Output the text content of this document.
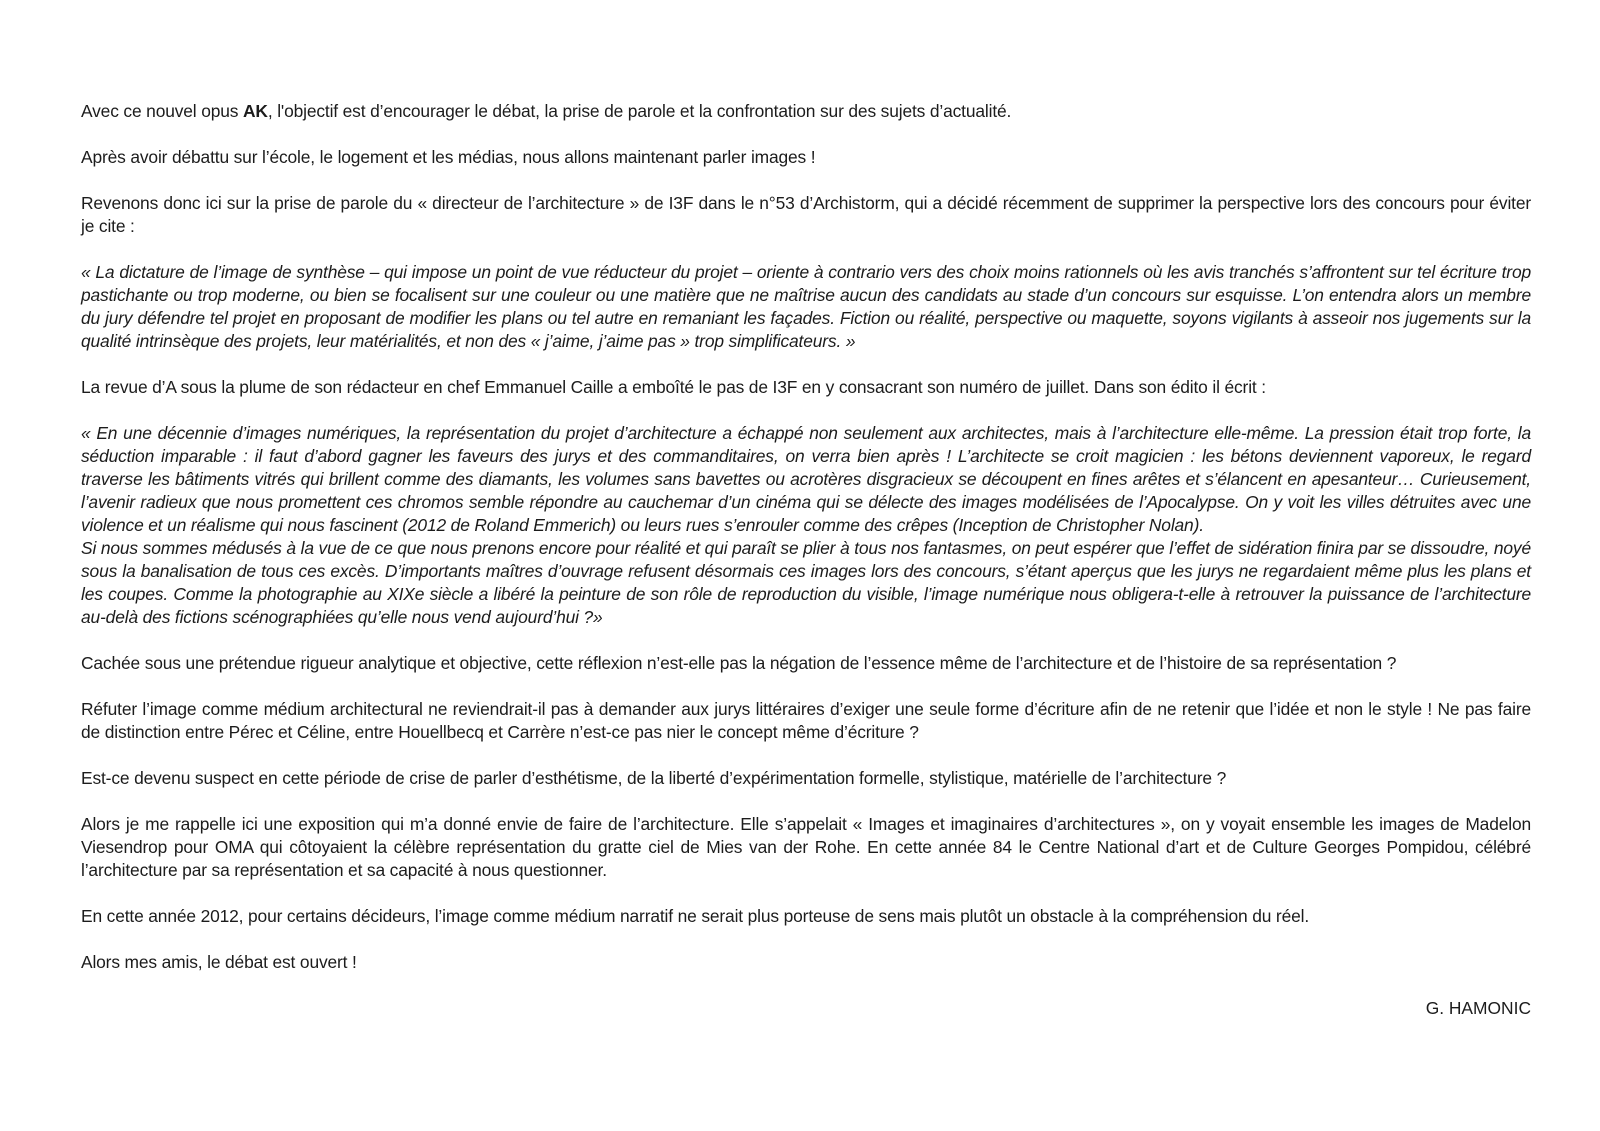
Avec ce nouvel opus AK, l'objectif est d’encourager le débat, la prise de parole et la confrontation sur des sujets d’actualité.

Après avoir débattu sur l’école, le logement et les médias, nous allons maintenant parler images !

Revenons donc ici sur la prise de parole du « directeur de l’architecture » de I3F dans le n°53 d’Archistorm, qui a décidé récemment de supprimer la perspective lors des concours pour éviter je cite :

« La dictature de l’image de synthèse – qui impose un point de vue réducteur du projet – oriente à contrario vers des choix moins rationnels où les avis tranchés s’affrontent sur tel écriture trop pastichante ou trop moderne, ou bien se focalisent sur une couleur ou une matière que ne maîtrise aucun des candidats au stade d’un concours sur esquisse. L’on entendra alors un membre du jury défendre tel projet en proposant de modifier les plans ou tel autre en remaniant les façades. Fiction ou réalité, perspective ou maquette, soyons vigilants à asseoir nos jugements sur la qualité intrinsèque des projets, leur matérialités, et non des « j’aime, j’aime pas » trop simplificateurs. »

La revue d’A sous la plume de son rédacteur en chef Emmanuel Caille a emboîté le pas de I3F en y consacrant son numéro de juillet. Dans son édito il écrit :

« En une décennie d’images numériques, la représentation du projet d’architecture a échappé non seulement aux architectes, mais à l’architecture elle-même. La pression était trop forte, la séduction imparable : il faut d’abord gagner les faveurs des jurys et des commanditaires, on verra bien après ! L’architecte se croit magicien : les bétons deviennent vaporeux, le regard traverse les bâtiments vitrés qui brillent comme des diamants, les volumes sans bavettes ou acrotères disgracieux se découpent en fines arêtes et s’élancent en apesanteur… Curieusement, l’avenir radieux que nous promettent ces chromos semble répondre au cauchemar d’un cinéma qui se délecte des images modélisées de l’Apocalypse. On y voit les villes détruites avec une violence et un réalisme qui nous fascinent (2012 de Roland Emmerich) ou leurs rues s’enrouler comme des crêpes (Inception de Christopher Nolan).

Si nous sommes médusés à la vue de ce que nous prenons encore pour réalité et qui paraît se plier à tous nos fantasmes, on peut espérer que l’effet de sidération finira par se dissoudre, noyé sous la banalisation de tous ces excès. D’importants maîtres d’ouvrage refusent désormais ces images lors des concours, s’étant aperçus que les jurys ne regardaient même plus les plans et les coupes. Comme la photographie au XIXe siècle a libéré la peinture de son rôle de reproduction du visible, l’image numérique nous obligera-t-elle à retrouver la puissance de l’architecture au-delà des fictions scénographiées qu’elle nous vend aujourd’hui ?»

Cachée sous une prétendue rigueur analytique et objective, cette réflexion n’est-elle pas la négation de l’essence même de l’architecture et de l’histoire de sa représentation ?

Réfuter l’image comme médium architectural ne reviendrait-il pas à demander aux jurys littéraires d’exiger une seule forme d’écriture afin de ne retenir que l’idée et non le style ! Ne pas faire de distinction entre Pérec et Céline, entre Houellbecq et Carrère n’est-ce pas nier le concept même d’écriture ?

Est-ce devenu suspect en cette période de crise de parler d’esthétisme, de la liberté d’expérimentation formelle, stylistique, matérielle de l’architecture ?

Alors je me rappelle ici une exposition qui m’a donné envie de faire de l’architecture. Elle s’appelait « Images et imaginaires d’architectures », on y voyait ensemble les images de Madelon Viesendrop pour OMA qui côtoyaient la célèbre représentation du gratte ciel de Mies van der Rohe. En cette année 84 le Centre National d’art et de Culture Georges Pompidou, célébré l’architecture par sa représentation et sa capacité à nous questionner.

En cette année 2012, pour certains décideurs, l’image comme médium narratif ne serait plus porteuse de sens mais plutôt un obstacle à la compréhension du réel.

Alors mes amis, le débat est ouvert !

G. HAMONIC
